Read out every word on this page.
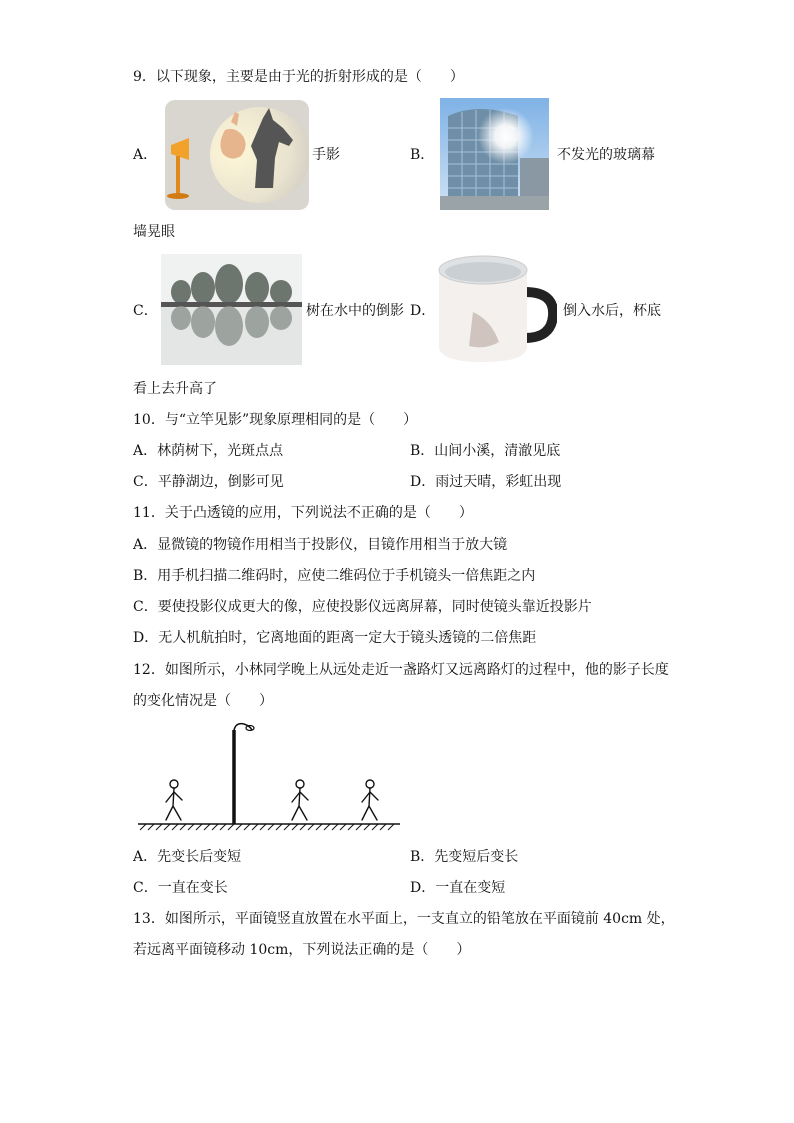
9．以下现象，主要是由于光的折射形成的是（　　）
A．	手影	B．	不发光的玻璃幕
墙晃眼
C．	树在水中的倒影 D．	倒入水后，杯底
看上去升高了
10．与“立竿见影”现象原理相同的是（　　）
A．林荫树下，光斑点点	B．山间小溪，清澈见底
C．平静湖边，倒影可见	D．雨过天晴，彩虹出现
11．关于凸透镜的应用，下列说法不正确的是（　　）
A．显微镜的物镜作用相当于投影仪，目镜作用相当于放大镜
B．用手机扫描二维码时，应使二维码位于手机镜头一倍焦距之内
C．要使投影仪成更大的像，应使投影仪远离屏幕，同时使镜头靠近投影片
D．无人机航拍时，它离地面的距离一定大于镜头透镜的二倍焦距
12．如图所示，小林同学晚上从远处走近一盏路灯又远离路灯的过程中，他的影子长度
的变化情况是（　　）
A．先变长后变短	B．先变短后变长
C．一直在变长	D．一直在变短
13．如图所示，平面镜竖直放置在水平面上，一支直立的铅笔放在平面镜前 40cm 处，
若远离平面镜移动 10cm，下列说法正确的是（　　）
